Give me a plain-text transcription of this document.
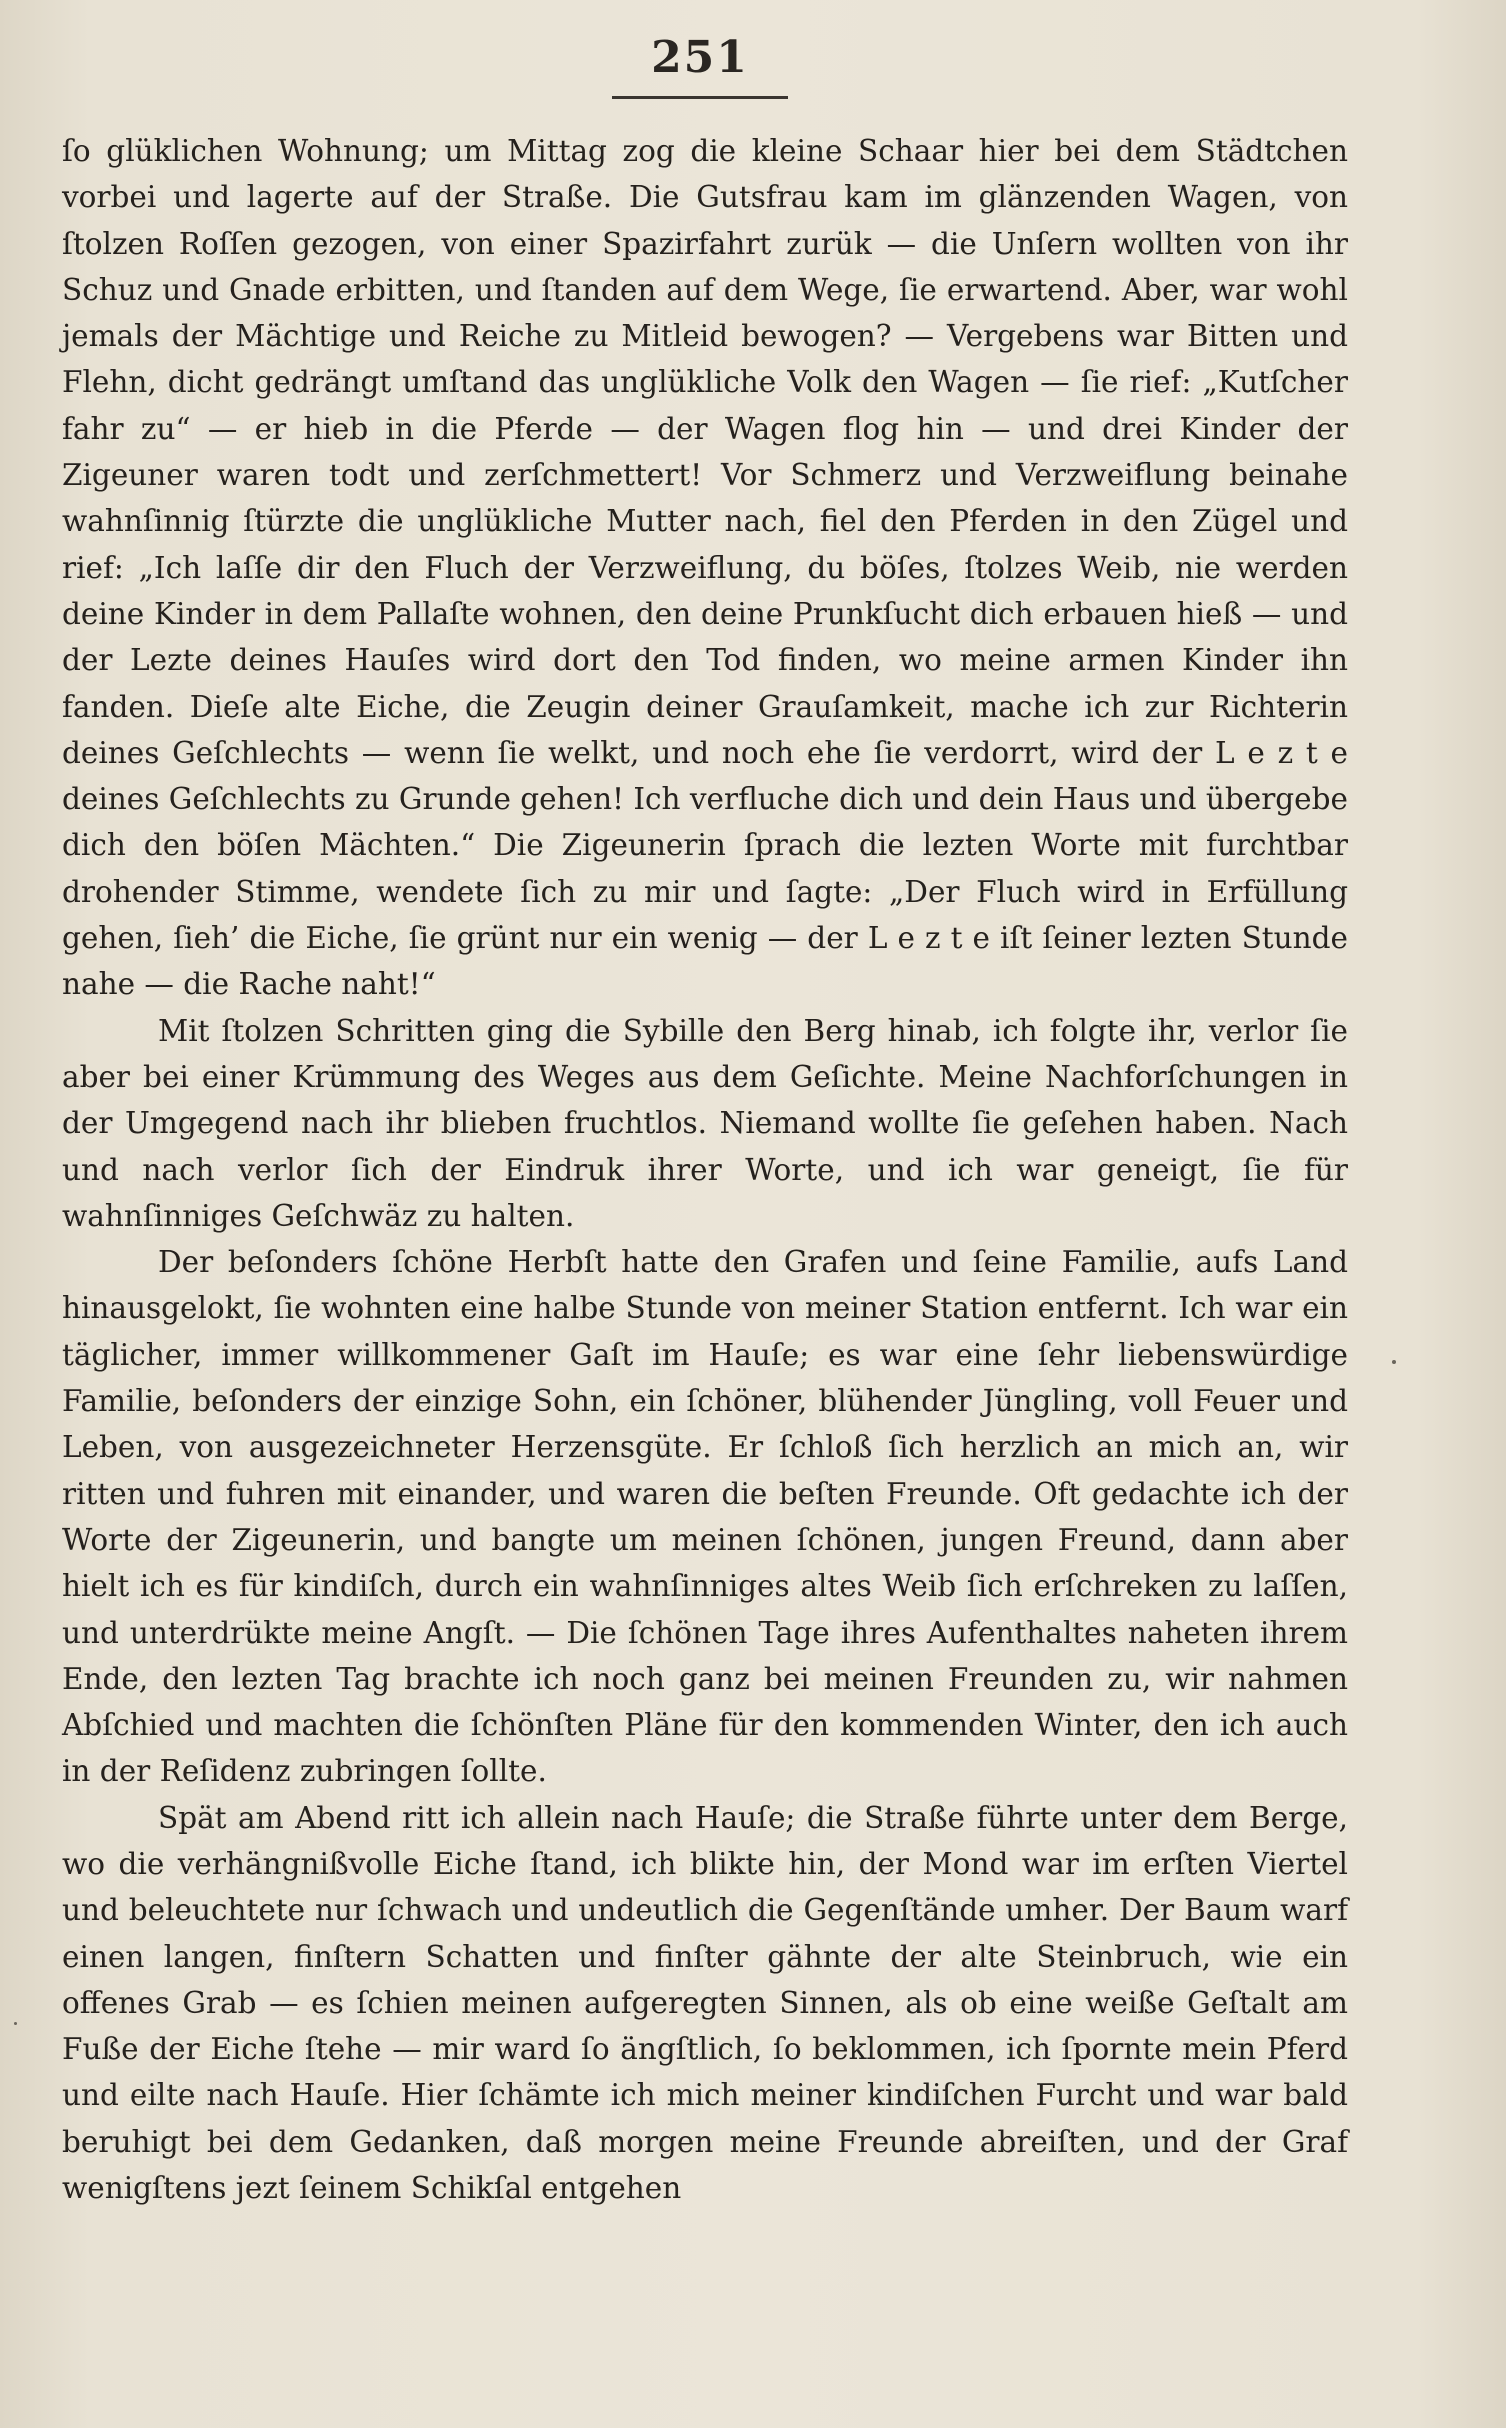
251

ſo glüklichen Wohnung; um Mittag zog die kleine Schaar hier bei dem Städtchen vorbei und lagerte auf der Straße. Die Gutsfrau kam im glänzenden Wagen, von ſtolzen Roſſen gezogen, von einer Spazirfahrt zurük — die Unſern wollten von ihr Schuz und Gnade erbitten, und ſtanden auf dem Wege, ſie erwartend. Aber, war wohl jemals der Mächtige und Reiche zu Mitleid bewogen? — Vergebens war Bitten und Flehn, dicht gedrängt umſtand das unglükliche Volk den Wagen — ſie rief: „Kutſcher fahr zu“ — er hieb in die Pferde — der Wagen flog hin — und drei Kinder der Zigeuner waren todt und zerſchmettert! Vor Schmerz und Verzweiflung beinahe wahnſinnig ſtürzte die unglükliche Mutter nach, fiel den Pferden in den Zügel und rief: „Ich laſſe dir den Fluch der Verzweiflung, du böſes, ſtolzes Weib, nie werden deine Kinder in dem Pallaſte wohnen, den deine Prunkſucht dich erbauen hieß — und der Lezte deines Hauſes wird dort den Tod finden, wo meine armen Kinder ihn fanden. Dieſe alte Eiche, die Zeugin deiner Grauſamkeit, mache ich zur Richterin deines Geſchlechts — wenn ſie welkt, und noch ehe ſie verdorrt, wird der L e z t e deines Geſchlechts zu Grunde gehen! Ich verfluche dich und dein Haus und übergebe dich den böſen Mächten.“ Die Zigeunerin ſprach die lezten Worte mit furchtbar drohender Stimme, wendete ſich zu mir und ſagte: „Der Fluch wird in Erfüllung gehen, ſieh’ die Eiche, ſie grünt nur ein wenig — der L e z t e iſt ſeiner lezten Stunde nahe — die Rache naht!“

Mit ſtolzen Schritten ging die Sybille den Berg hinab, ich folgte ihr, verlor ſie aber bei einer Krümmung des Weges aus dem Geſichte. Meine Nachforſchungen in der Umgegend nach ihr blieben fruchtlos. Niemand wollte ſie geſehen haben. Nach und nach verlor ſich der Eindruk ihrer Worte, und ich war geneigt, ſie für wahnſinniges Geſchwäz zu halten.

Der beſonders ſchöne Herbſt hatte den Grafen und ſeine Familie, aufs Land hinausgelokt, ſie wohnten eine halbe Stunde von meiner Station entfernt. Ich war ein täglicher, immer willkommener Gaſt im Hauſe; es war eine ſehr liebenswürdige Familie, beſonders der einzige Sohn, ein ſchöner, blühender Jüngling, voll Feuer und Leben, von ausgezeichneter Herzensgüte. Er ſchloß ſich herzlich an mich an, wir ritten und fuhren mit einander, und waren die beſten Freunde. Oft gedachte ich der Worte der Zigeunerin, und bangte um meinen ſchönen, jungen Freund, dann aber hielt ich es für kindiſch, durch ein wahnſinniges altes Weib ſich erſchreken zu laſſen, und unterdrükte meine Angſt. — Die ſchönen Tage ihres Aufenthaltes naheten ihrem Ende, den lezten Tag brachte ich noch ganz bei meinen Freunden zu, wir nahmen Abſchied und machten die ſchönſten Pläne für den kommenden Winter, den ich auch in der Reſidenz zubringen ſollte.

Spät am Abend ritt ich allein nach Hauſe; die Straße führte unter dem Berge, wo die verhängnißvolle Eiche ſtand, ich blikte hin, der Mond war im erſten Viertel und beleuchtete nur ſchwach und undeutlich die Gegenſtände umher. Der Baum warf einen langen, finſtern Schatten und finſter gähnte der alte Steinbruch, wie ein offenes Grab — es ſchien meinen aufgeregten Sinnen, als ob eine weiße Geſtalt am Fuße der Eiche ſtehe — mir ward ſo ängſtlich, ſo beklommen, ich ſpornte mein Pferd und eilte nach Hauſe. Hier ſchämte ich mich meiner kindiſchen Furcht und war bald beruhigt bei dem Gedanken, daß morgen meine Freunde abreiſten, und der Graf wenigſtens jezt ſeinem Schikſal entgehen
